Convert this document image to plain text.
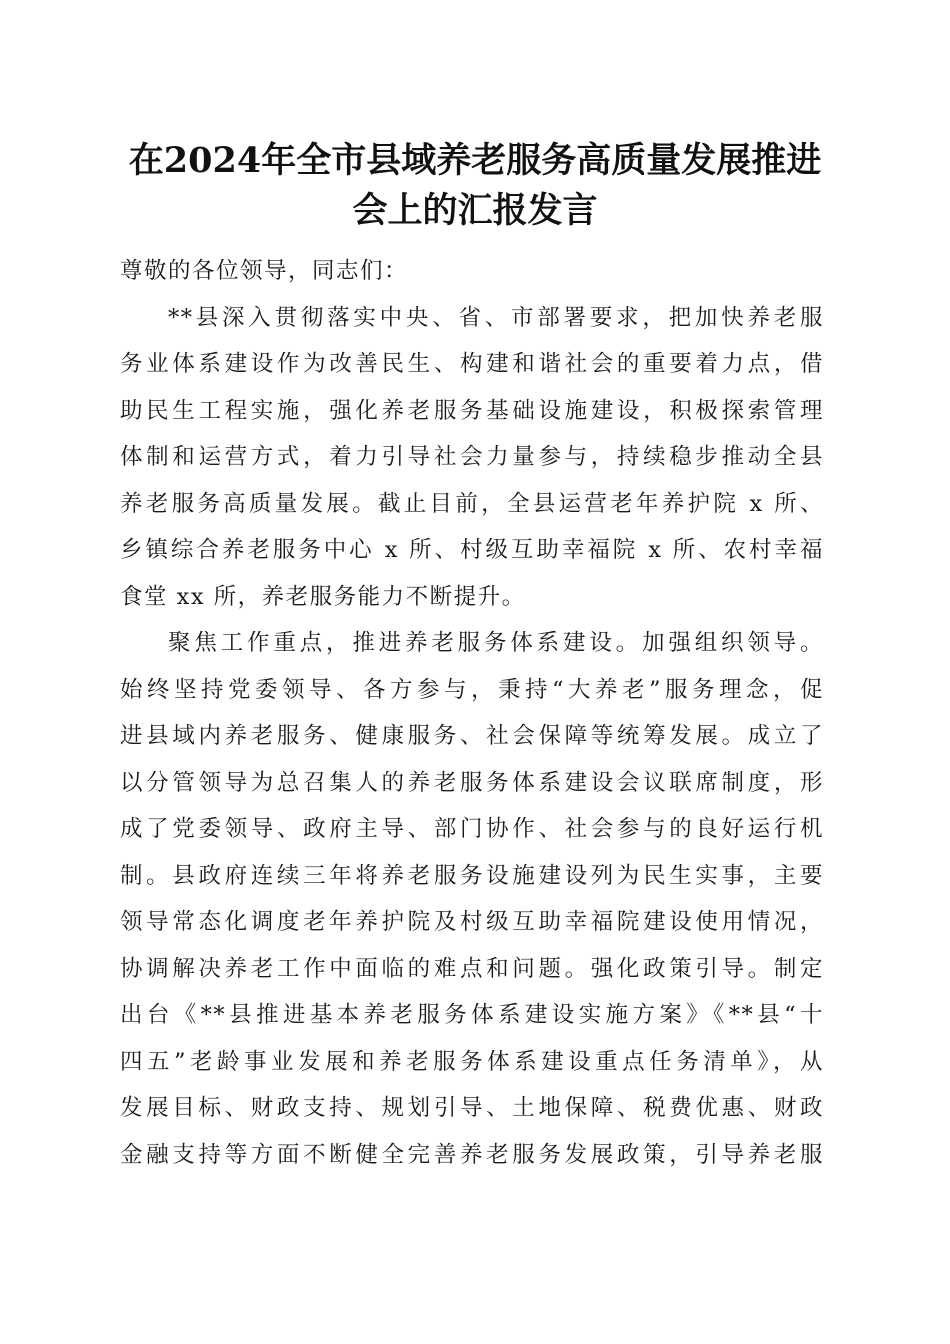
在2024年全市县域养老服务高质量发展推进
会上的汇报发言

尊敬的各位领导，同志们：

**县深入贯彻落实中央、省、市部署要求，把加快养老服
务业体系建设作为改善民生、构建和谐社会的重要着力点，借
助民生工程实施，强化养老服务基础设施建设，积极探索管理
体制和运营方式，着力引导社会力量参与，持续稳步推动全县
养老服务高质量发展。截止目前，全县运营老年养护院 x 所、
乡镇综合养老服务中心 x 所、村级互助幸福院 x 所、农村幸福
食堂 xx 所，养老服务能力不断提升。

聚焦工作重点，推进养老服务体系建设。加强组织领导。
始终坚持党委领导、各方参与，秉持“大养老”服务理念，促
进县域内养老服务、健康服务、社会保障等统筹发展。成立了
以分管领导为总召集人的养老服务体系建设会议联席制度，形
成了党委领导、政府主导、部门协作、社会参与的良好运行机
制。县政府连续三年将养老服务设施建设列为民生实事，主要
领导常态化调度老年养护院及村级互助幸福院建设使用情况，
协调解决养老工作中面临的难点和问题。强化政策引导。制定
出台《**县推进基本养老服务体系建设实施方案》《**县“十
四五”老龄事业发展和养老服务体系建设重点任务清单》，从
发展目标、财政支持、规划引导、土地保障、税费优惠、财政
金融支持等方面不断健全完善养老服务发展政策，引导养老服
